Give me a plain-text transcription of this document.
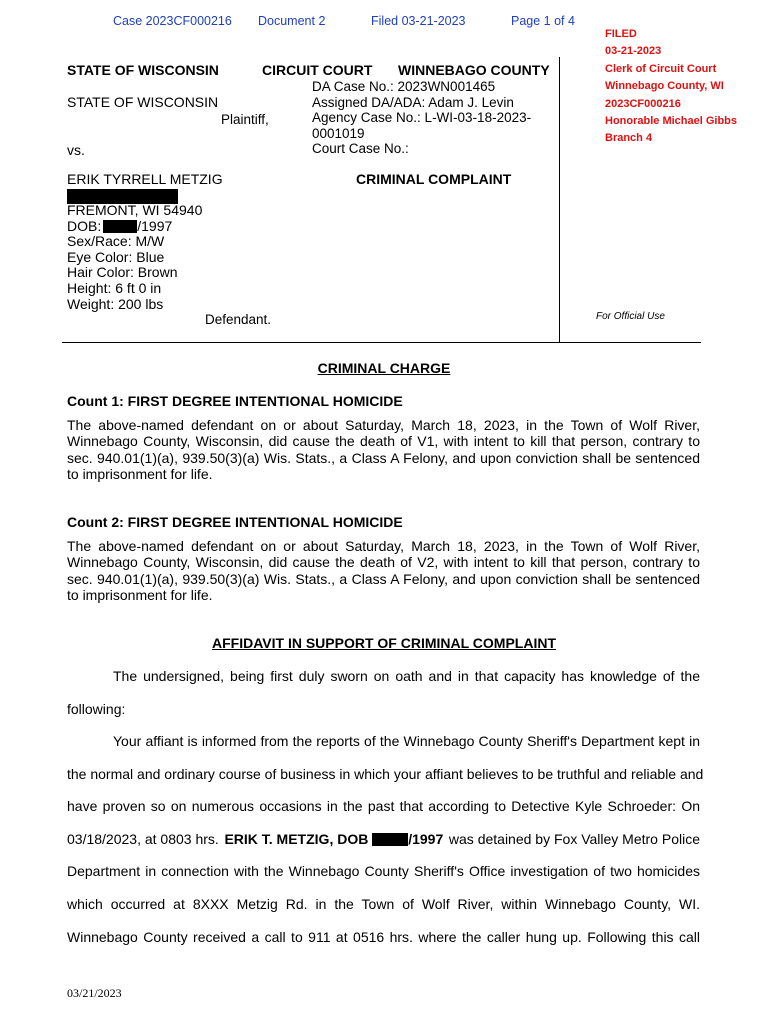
Case 2023CF000216 Document 2	Filed 03-21-2023	Page 1 of 4
FILED
03-21-2023
Clerk of Circuit Court
Winnebago County, WI
2023CF000216
Honorable Michael Gibbs
Branch 4
For Official Use
STATE OF WISCONSIN	CIRCUIT COURT WINNEBAGO COUNTY
DA Case No.: 2023WN001465
Assigned DA/ADA: Adam J. Levin
Agency Case No.: L-WI-03-18-2023-
0001019
Court Case No.:
STATE OF WISCONSIN
Plaintiff,
vs.
ERIK TYRRELL METZIG	CRIMINAL COMPLAINT
FREMONT, WI 54940
DOB:	/1997
Sex/Race: M/W
Eye Color: Blue
Hair Color: Brown
Height: 6 ft 0 in
Weight: 200 lbs
Defendant.
CRIMINAL CHARGE
Count 1: FIRST DEGREE INTENTIONAL HOMICIDE
The above-named defendant on or about Saturday, March 18, 2023, in the Town of Wolf River, Winnebago County, Wisconsin, did cause the death of V1, with intent to kill that person, contrary to sec. 940.01(1)(a), 939.50(3)(a) Wis. Stats., a Class A Felony, and upon conviction shall be sentenced to imprisonment for life.
Count 2: FIRST DEGREE INTENTIONAL HOMICIDE
The above-named defendant on or about Saturday, March 18, 2023, in the Town of Wolf River, Winnebago County, Wisconsin, did cause the death of V2, with intent to kill that person, contrary to sec. 940.01(1)(a), 939.50(3)(a) Wis. Stats., a Class A Felony, and upon conviction shall be sentenced to imprisonment for life.
AFFIDAVIT IN SUPPORT OF CRIMINAL COMPLAINT
The undersigned, being first duly sworn on oath and in that capacity has knowledge of the
following:
Your affiant is informed from the reports of the Winnebago County Sheriff's Department kept in
the normal and ordinary course of business in which your affiant believes to be truthful and reliable and
have proven so on numerous occasions in the past that according to Detective Kyle Schroeder: On
03/18/2023, at 0803 hrs. ERIK T. METZIG, DOB	/1997 was detained by Fox Valley Metro Police
Department in connection with the Winnebago County Sheriff's Office investigation of two homicides
which occurred at 8XXX Metzig Rd. in the Town of Wolf River, within Winnebago County, WI.
Winnebago County received a call to 911 at 0516 hrs. where the caller hung up. Following this call
03/21/2023
